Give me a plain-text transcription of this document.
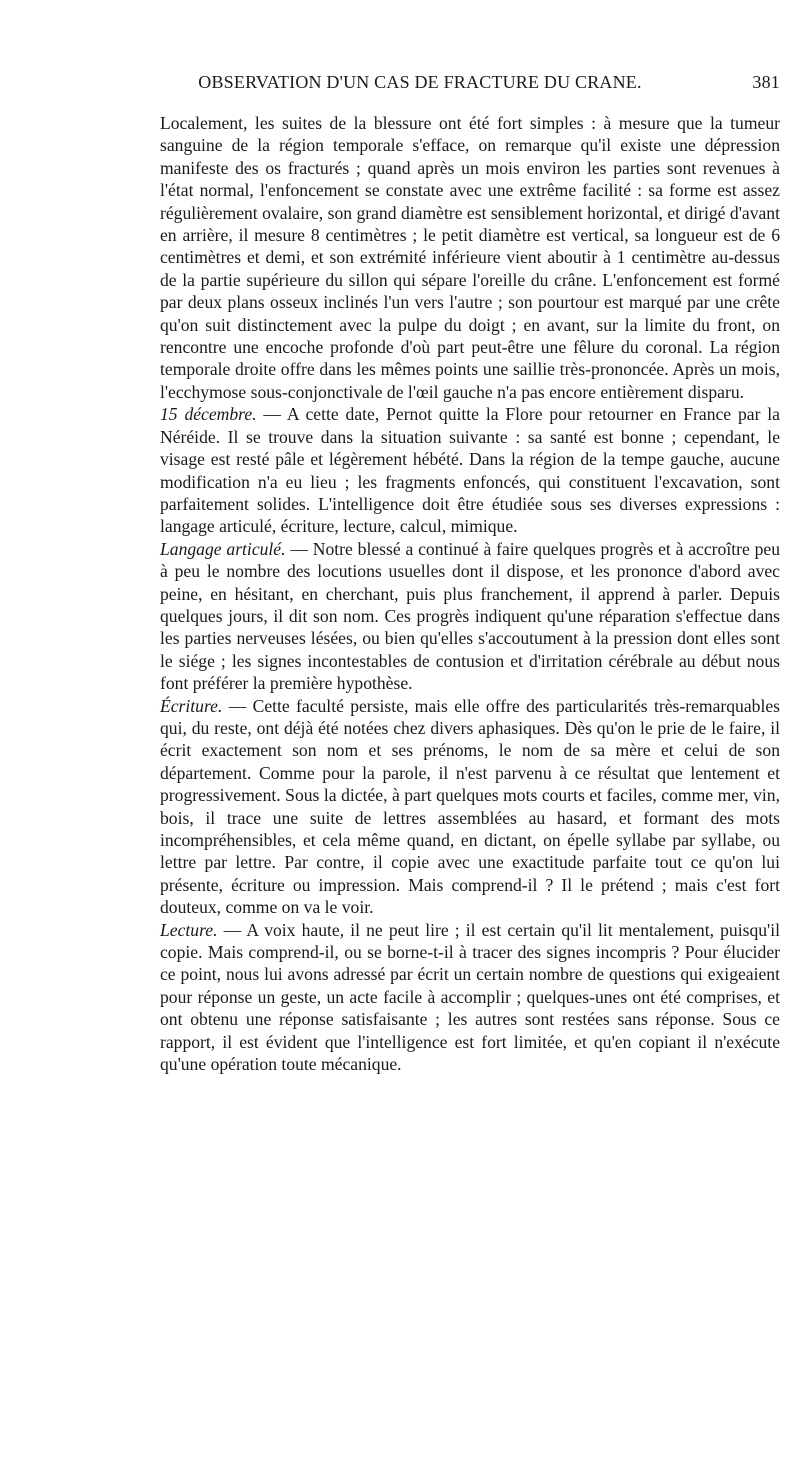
OBSERVATION D'UN CAS DE FRACTURE DU CRANE.	381

Localement, les suites de la blessure ont été fort simples : à mesure que la tumeur sanguine de la région temporale s'efface, on remarque qu'il existe une dépression manifeste des os fracturés ; quand après un mois environ les parties sont revenues à l'état normal, l'enfoncement se constate avec une extrême facilité : sa forme est assez régulièrement ovalaire, son grand diamètre est sensiblement horizontal, et dirigé d'avant en arrière, il mesure 8 centimètres ; le petit diamètre est vertical, sa longueur est de 6 centimètres et demi, et son extrémité inférieure vient aboutir à 1 centimètre au-dessus de la partie supérieure du sillon qui sépare l'oreille du crâne. L'enfoncement est formé par deux plans osseux inclinés l'un vers l'autre ; son pourtour est marqué par une crête qu'on suit distinctement avec la pulpe du doigt ; en avant, sur la limite du front, on rencontre une encoche profonde d'où part peut-être une fêlure du coronal. La région temporale droite offre dans les mêmes points une saillie très-prononcée. Après un mois, l'ecchymose sous-conjonctivale de l'œil gauche n'a pas encore entièrement disparu.

15 décembre. — A cette date, Pernot quitte la Flore pour retourner en France par la Néréide. Il se trouve dans la situation suivante : sa santé est bonne ; cependant, le visage est resté pâle et légèrement hébété. Dans la région de la tempe gauche, aucune modification n'a eu lieu ; les fragments enfoncés, qui constituent l'excavation, sont parfaitement solides. L'intelligence doit être étudiée sous ses diverses expressions : langage articulé, écriture, lecture, calcul, mimique.

Langage articulé. — Notre blessé a continué à faire quelques progrès et à accroître peu à peu le nombre des locutions usuelles dont il dispose, et les prononce d'abord avec peine, en hésitant, en cherchant, puis plus franchement, il apprend à parler. Depuis quelques jours, il dit son nom. Ces progrès indiquent qu'une réparation s'effectue dans les parties nerveuses lésées, ou bien qu'elles s'accoutument à la pression dont elles sont le siége ; les signes incontestables de contusion et d'irritation cérébrale au début nous font préférer la première hypothèse.

Écriture. — Cette faculté persiste, mais elle offre des particularités très-remarquables qui, du reste, ont déjà été notées chez divers aphasiques. Dès qu'on le prie de le faire, il écrit exactement son nom et ses prénoms, le nom de sa mère et celui de son département. Comme pour la parole, il n'est parvenu à ce résultat que lentement et progressivement. Sous la dictée, à part quelques mots courts et faciles, comme mer, vin, bois, il trace une suite de lettres assemblées au hasard, et formant des mots incompréhensibles, et cela même quand, en dictant, on épelle syllabe par syllabe, ou lettre par lettre. Par contre, il copie avec une exactitude parfaite tout ce qu'on lui présente, écriture ou impression. Mais comprend-il ? Il le prétend ; mais c'est fort douteux, comme on va le voir.

Lecture. — A voix haute, il ne peut lire ; il est certain qu'il lit mentalement, puisqu'il copie. Mais comprend-il, ou se borne-t-il à tracer des signes incompris ? Pour élucider ce point, nous lui avons adressé par écrit un certain nombre de questions qui exigeaient pour réponse un geste, un acte facile à accomplir ; quelques-unes ont été comprises, et ont obtenu une réponse satisfaisante ; les autres sont restées sans réponse. Sous ce rapport, il est évident que l'intelligence est fort limitée, et qu'en copiant il n'exécute qu'une opération toute mécanique.
